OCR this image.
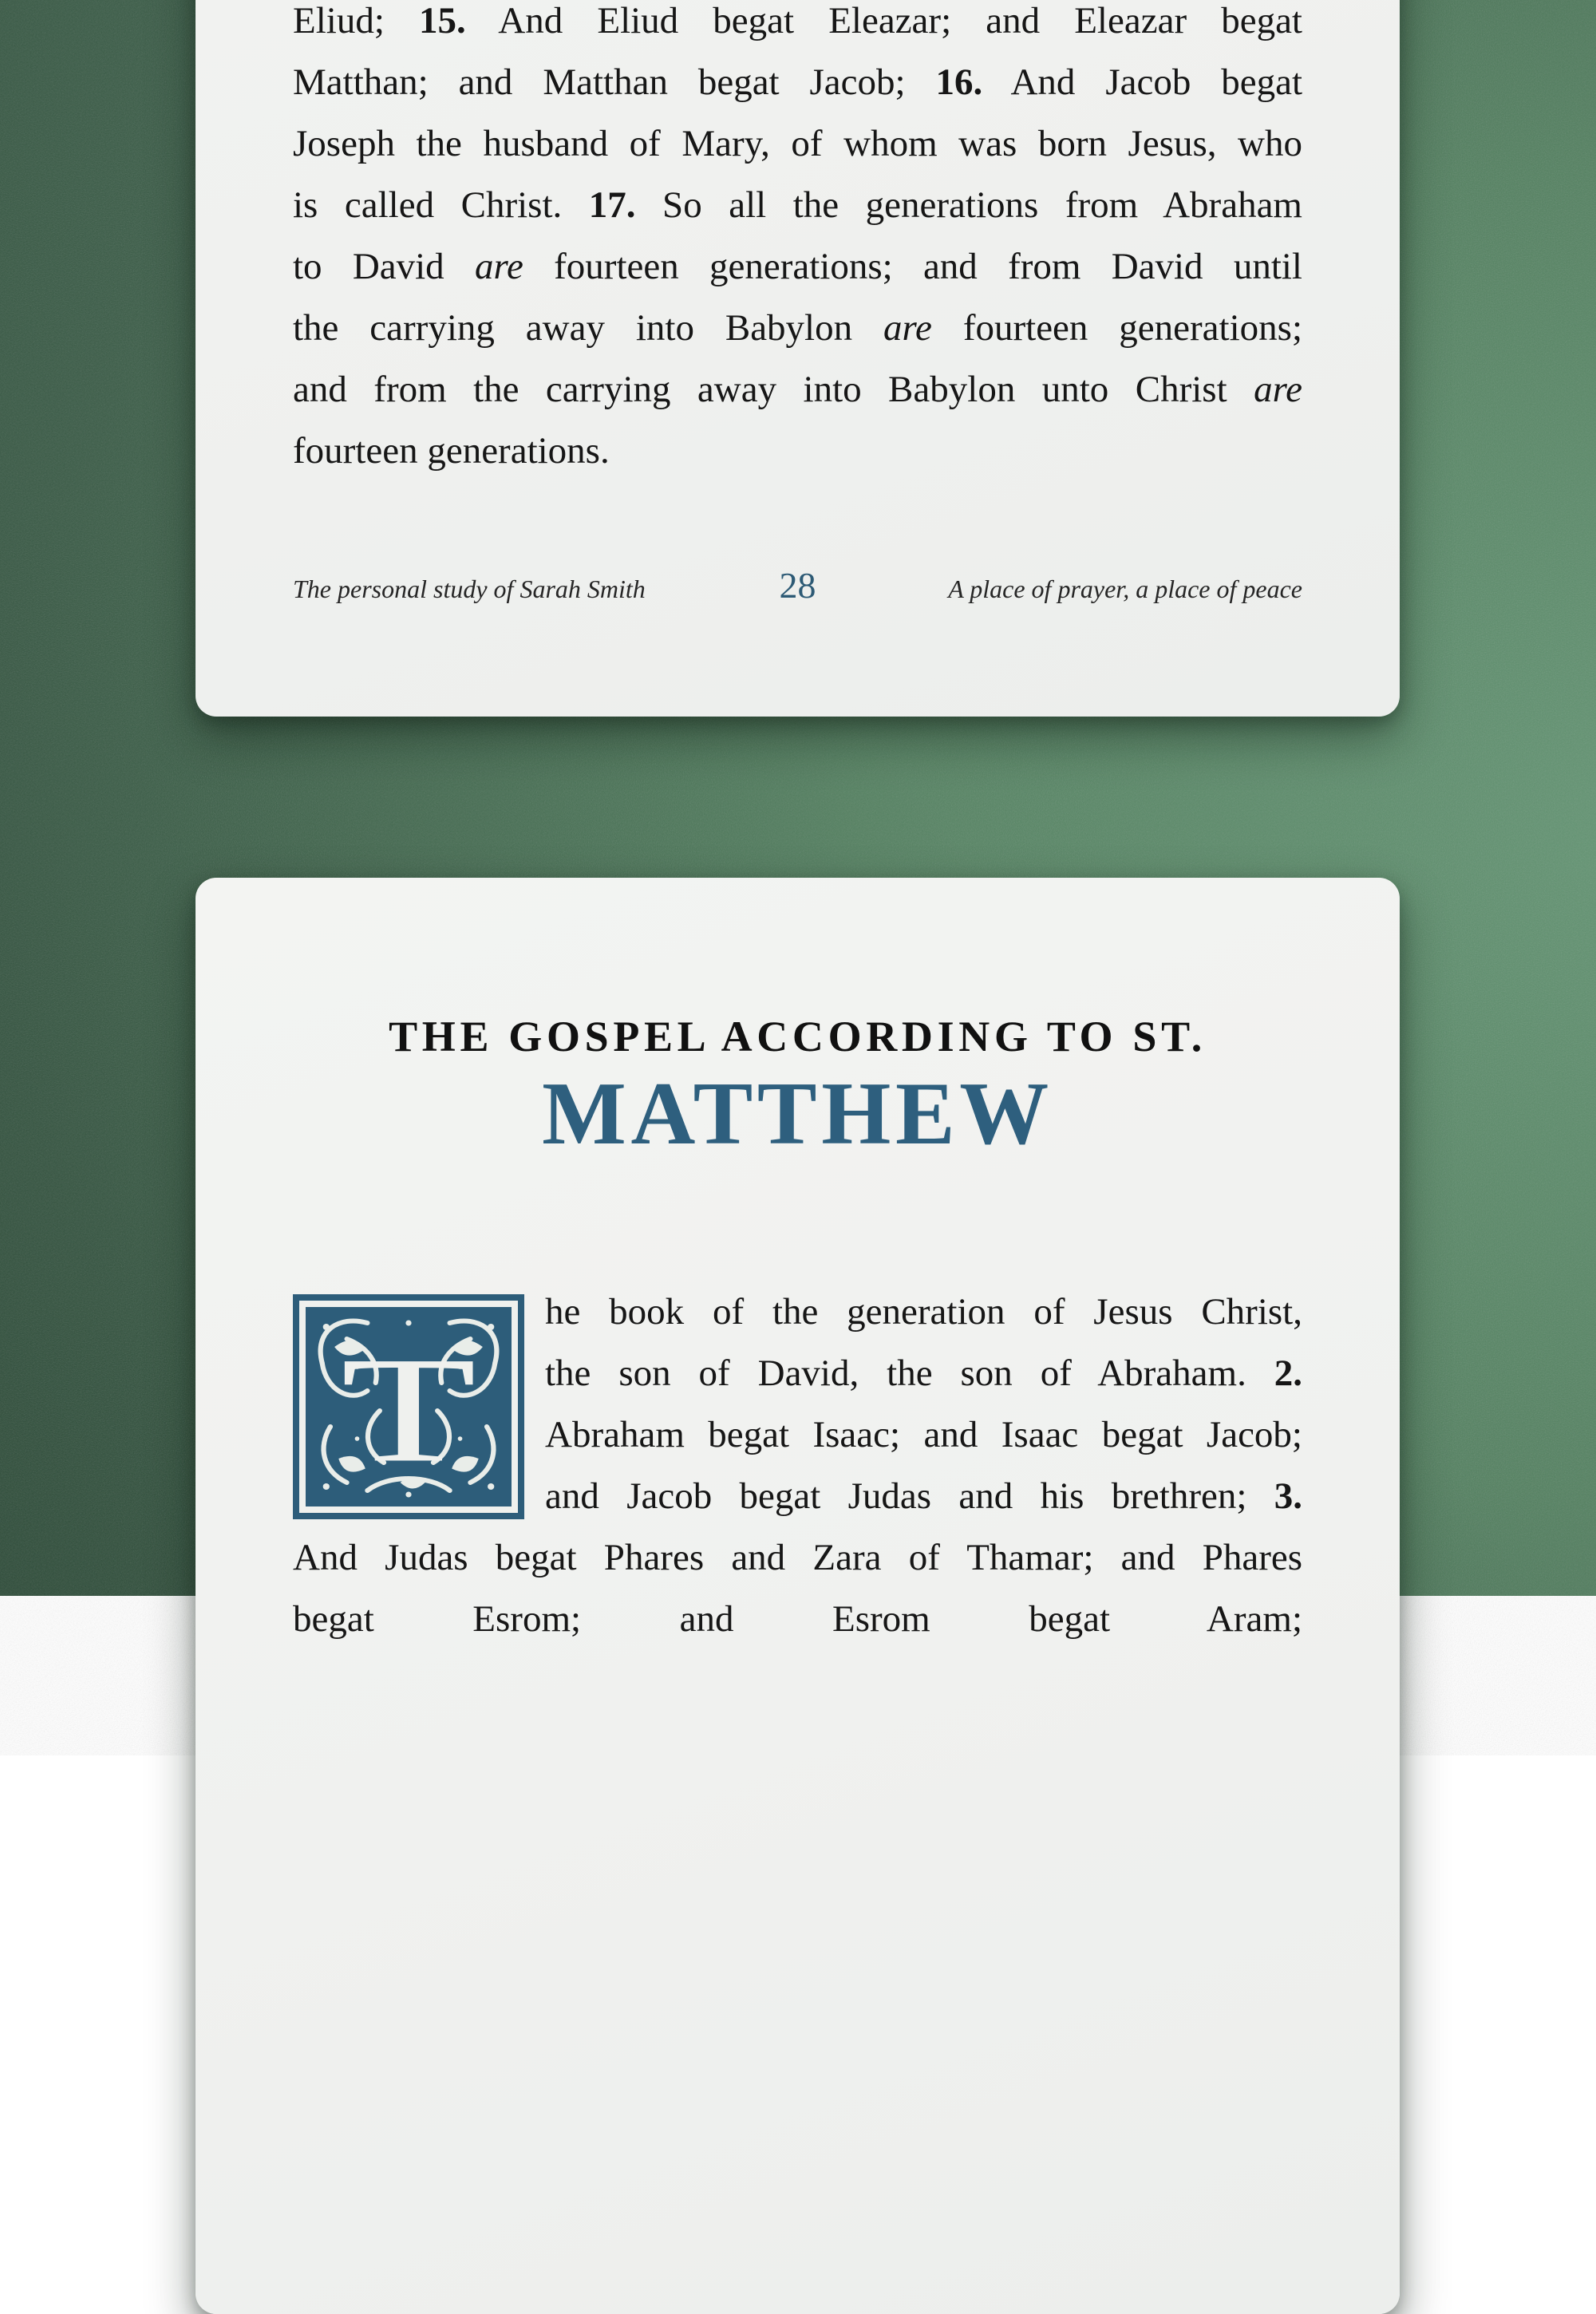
Eliud; 15. And Eliud begat Eleazar; and Eleazar begat
Matthan; and Matthan begat Jacob; 16. And Jacob begat
Joseph the husband of Mary, of whom was born Jesus, who
is called Christ. 17. So all the generations from Abraham
to David are fourteen generations; and from David until
the carrying away into Babylon are fourteen generations;
and from the carrying away into Babylon unto Christ are
fourteen generations.
The personal study of Sarah Smith	28	A place of prayer, a place of peace
THE GOSPEL ACCORDING TO ST.
MATTHEW
T
he book of the generation of Jesus Christ,
the son of David, the son of Abraham. 2.
Abraham begat Isaac; and Isaac begat Jacob;
and Jacob begat Judas and his brethren; 3.
And Judas begat Phares and Zara of Thamar; and Phares
begat Esrom; and Esrom begat Aram;
